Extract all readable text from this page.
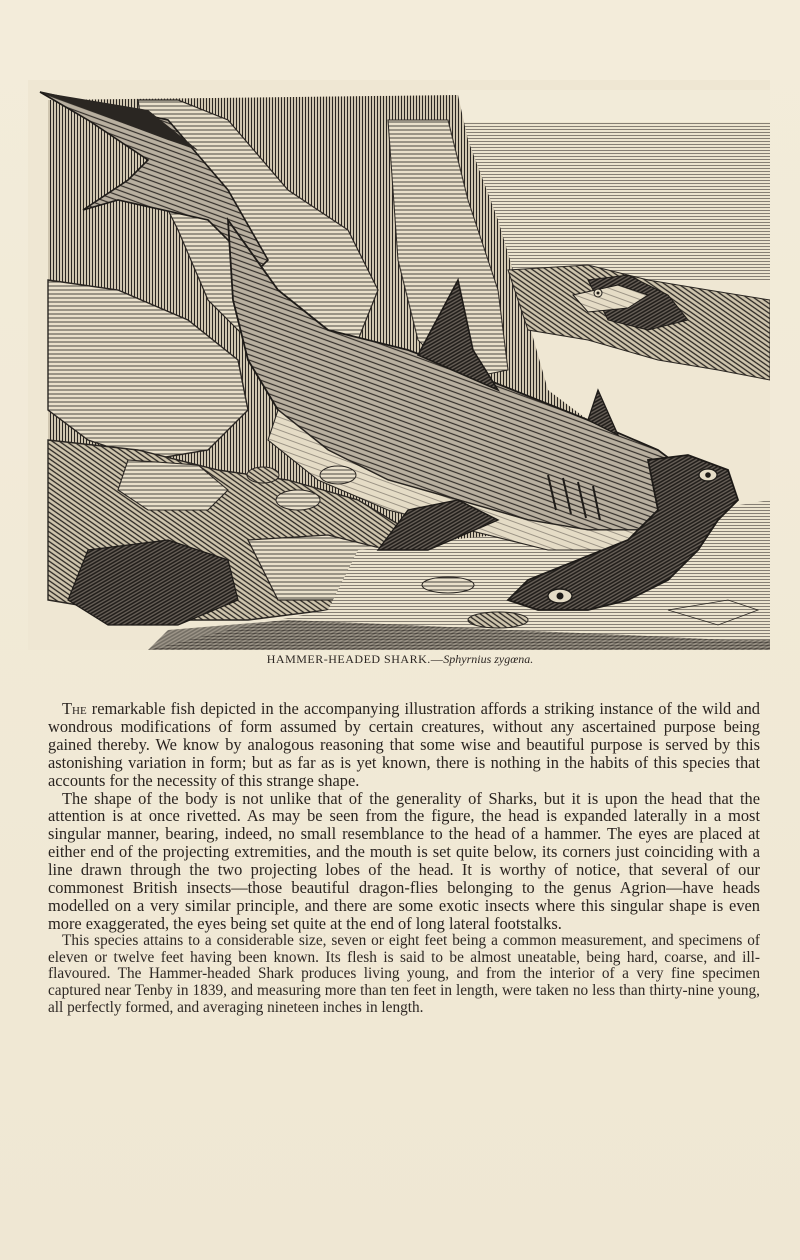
HAMMER-HEADED SHARK.—Sphyrnius zygœna.

The remarkable fish depicted in the accompanying illustration affords a striking instance of the wild and wondrous modifications of form assumed by certain creatures, without any ascertained purpose being gained thereby. We know by analogous reasoning that some wise and beautiful purpose is served by this astonishing variation in form; but as far as is yet known, there is nothing in the habits of this species that accounts for the necessity of this strange shape.

The shape of the body is not unlike that of the generality of Sharks, but it is upon the head that the attention is at once rivetted. As may be seen from the figure, the head is expanded laterally in a most singular manner, bearing, indeed, no small resemblance to the head of a hammer. The eyes are placed at either end of the projecting extremities, and the mouth is set quite below, its corners just coinciding with a line drawn through the two projecting lobes of the head. It is worthy of notice, that several of our commonest British insects—those beautiful dragon-flies belonging to the genus Agrion—have heads modelled on a very similar principle, and there are some exotic insects where this singular shape is even more exaggerated, the eyes being set quite at the end of long lateral footstalks.

This species attains to a considerable size, seven or eight feet being a common measurement, and specimens of eleven or twelve feet having been known. Its flesh is said to be almost uneatable, being hard, coarse, and ill-flavoured. The Hammer-headed Shark produces living young, and from the interior of a very fine specimen captured near Tenby in 1839, and measuring more than ten feet in length, were taken no less than thirty-nine young, all perfectly formed, and averaging nineteen inches in length.
